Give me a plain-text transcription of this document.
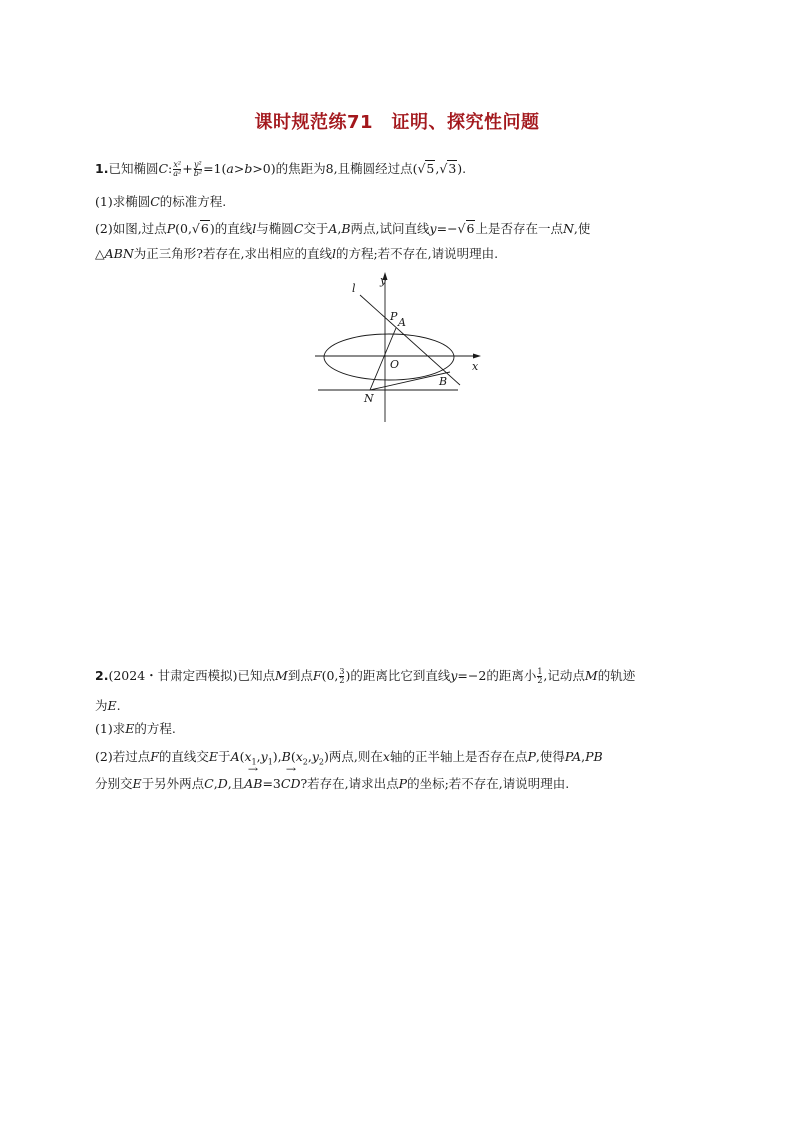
课时规范练71　证明、探究性问题
1.已知椭圆C: $\frac{\text{x²}}{\text{a²}} + \frac{\text{y²}}{\text{b²}} =1(a>b>0)$的焦距为8,且椭圆经过点(√5,√3).
(1)求椭圆C的标准方程.
(2)如图,过点P(0,√6)的直线l与椭圆C交于A,B两点,试问直线y=−√6上是否存在一点N,使
△ABN为正三角形?若存在,求出相应的直线l的方程;若不存在,请说明理由.
y
l
P A
O	x
B
N
2.(2024・甘肃定西模拟)已知点M到点F(0, $\frac{3}{2}$ )的距离比它到直线y=−2的距离小 $\frac{1}{2}$ ,记动点M的轨迹
为E.
(1)求E的方程.
(2)若过点F的直线交E于$A(x_1,y_1),B(x_2,y_2)$两点,则在x轴的正半轴上是否存在点P,使得PA,PB
分别交E于另外两点C,D,且→ AB=3→ CD?若存在,请求出点P的坐标;若不存在,请说明理由.
